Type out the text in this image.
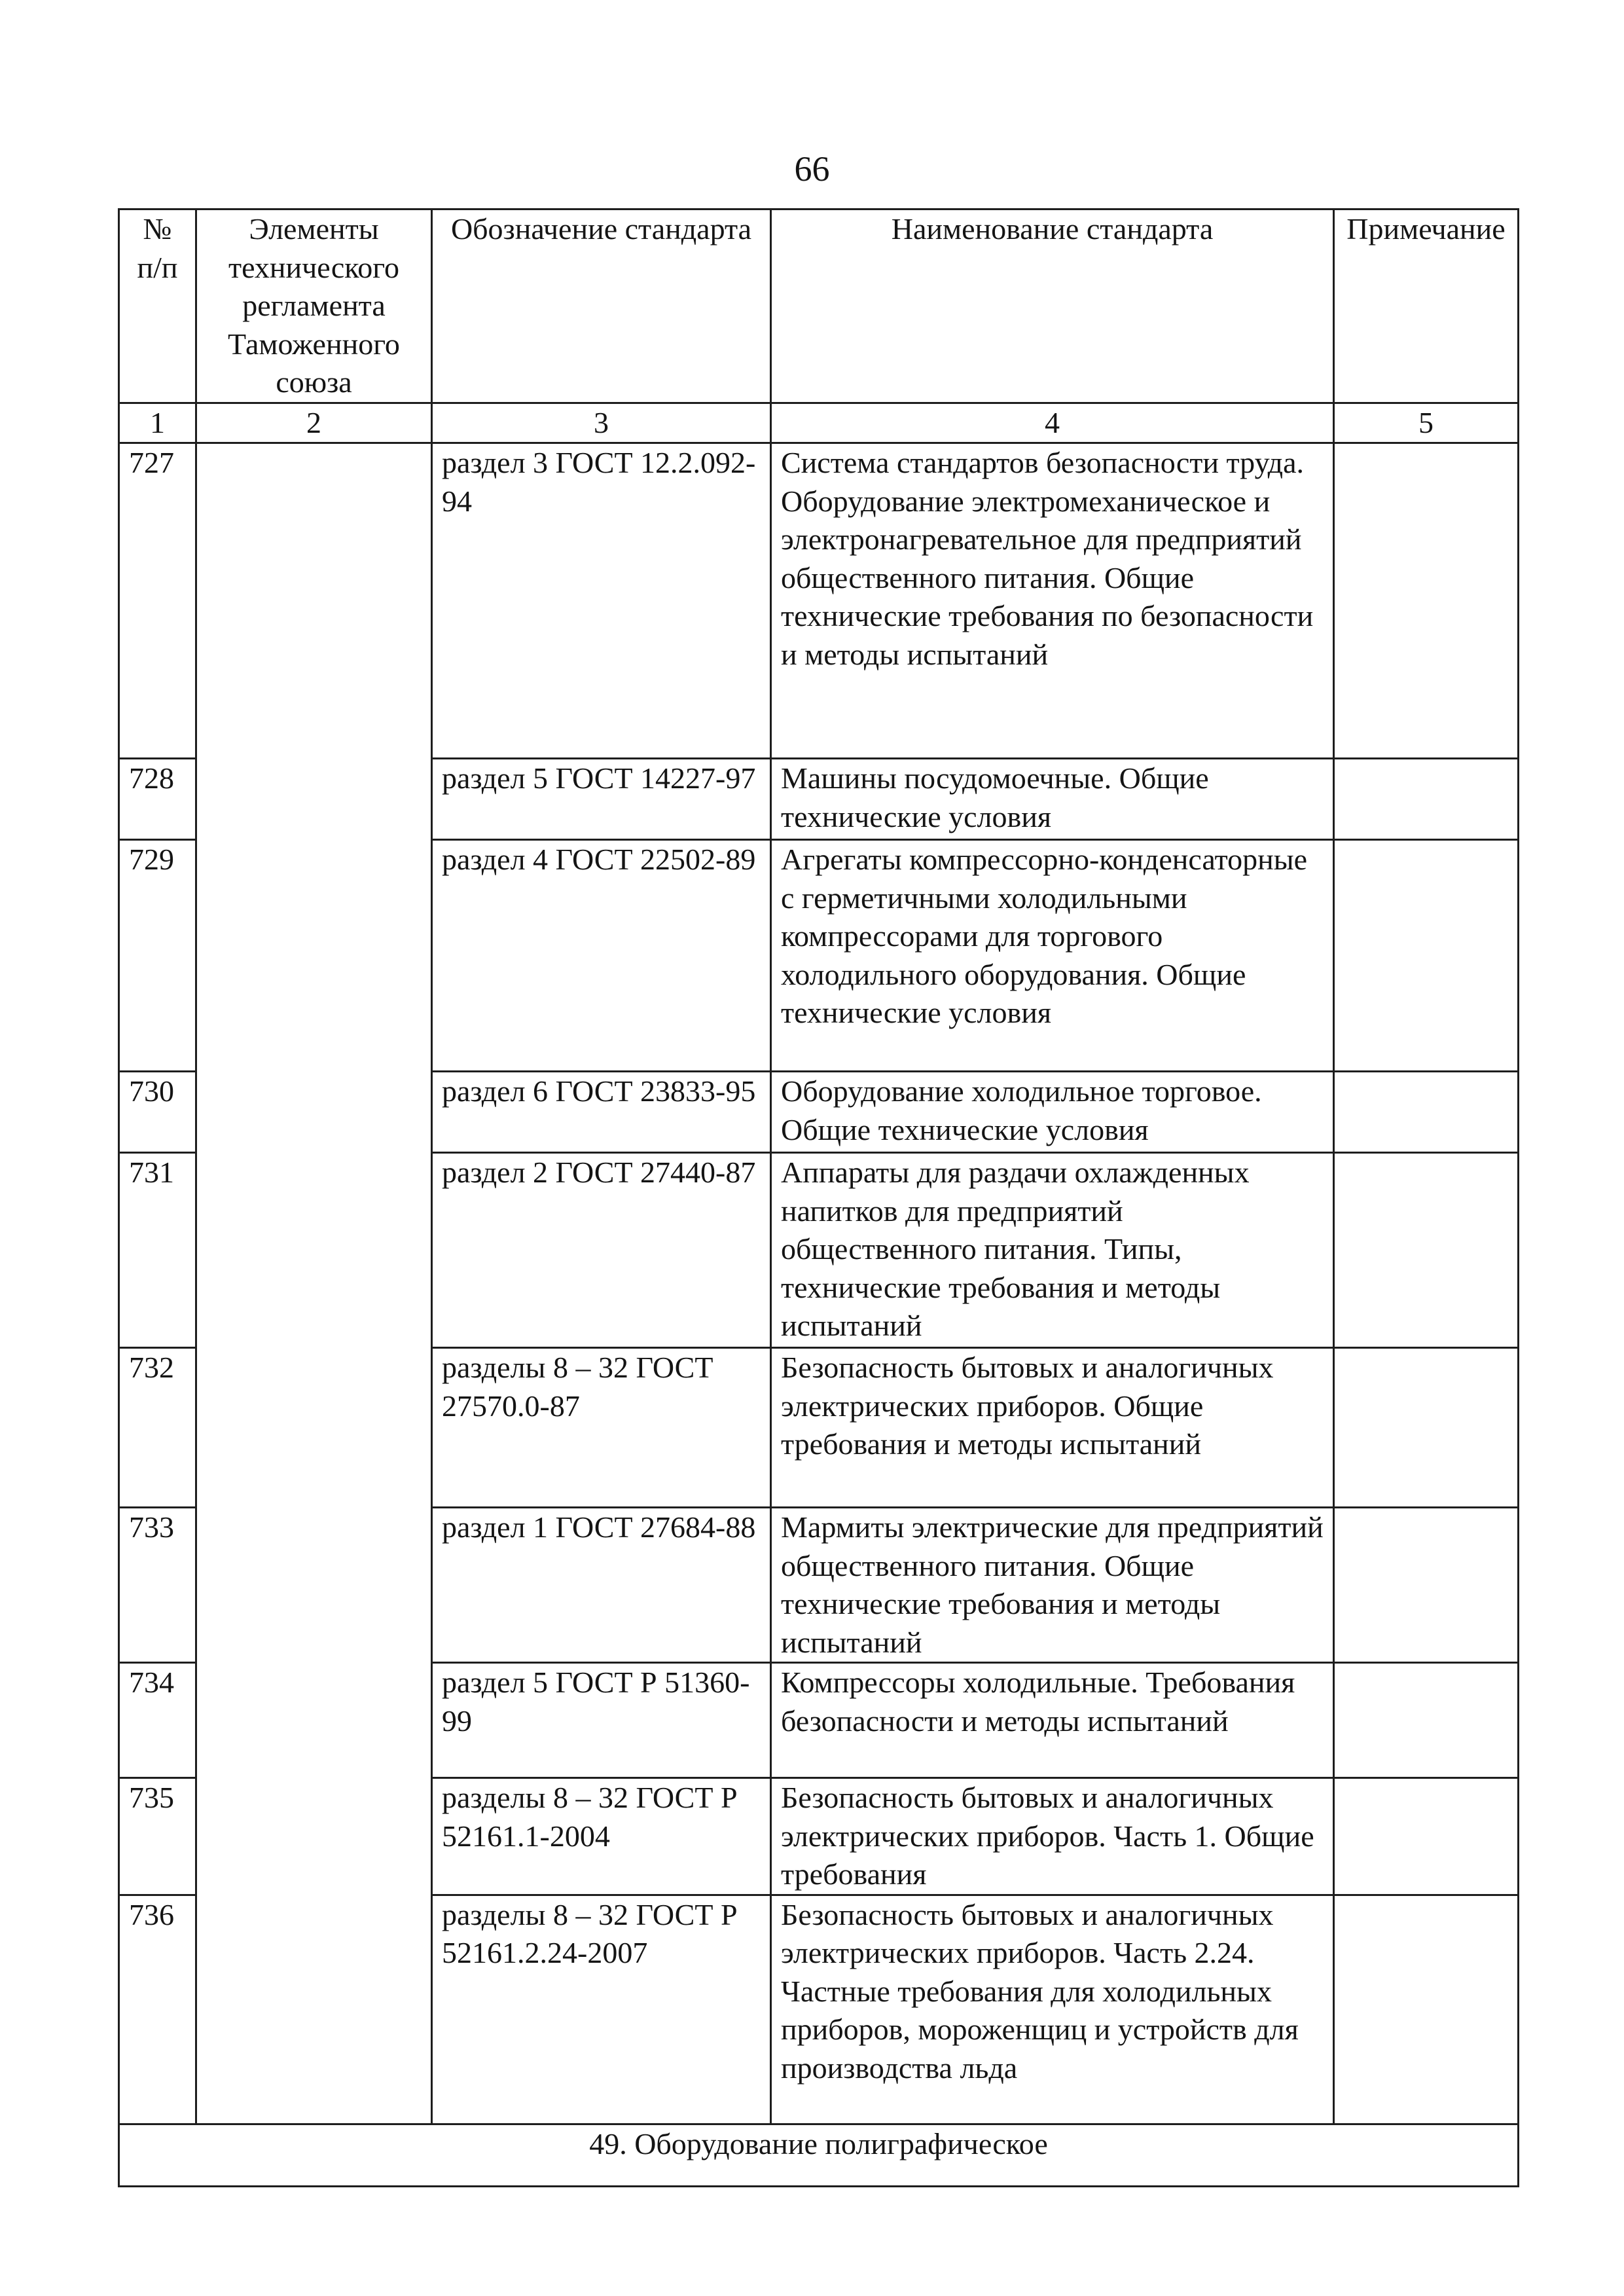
66
№ п/п	Элементы технического регламента Таможенного союза	Обозначение стандарта	Наименование стандарта	Примечание
1	2	3	4	5
727		раздел 3 ГОСТ 12.2.092-94	Система стандартов безопасности труда. Оборудование электромеханическое и электронагревательное для предприятий общественного питания. Общие технические требования по безопасности и методы испытаний	
728		раздел 5 ГОСТ 14227-97	Машины посудомоечные. Общие технические условия	
729		раздел 4 ГОСТ 22502-89	Агрегаты компрессорно-конденсаторные с герметичными холодильными компрессорами для торгового холодильного оборудования. Общие технические условия	
730		раздел 6 ГОСТ 23833-95	Оборудование холодильное торговое. Общие технические условия	
731		раздел 2 ГОСТ 27440-87	Аппараты для раздачи охлажденных напитков для предприятий общественного питания. Типы, технические требования и методы испытаний	
732		разделы 8 – 32 ГОСТ 27570.0-87	Безопасность бытовых и аналогичных электрических приборов. Общие требования и методы испытаний	
733		раздел 1 ГОСТ 27684-88	Мармиты электрические для предприятий общественного питания. Общие технические требования и методы испытаний	
734		раздел 5 ГОСТ Р 51360-99	Компрессоры холодильные. Требования безопасности и методы испытаний	
735		разделы 8 – 32 ГОСТ Р 52161.1-2004	Безопасность бытовых и аналогичных электрических приборов. Часть 1. Общие требования	
736		разделы 8 – 32 ГОСТ Р 52161.2.24-2007	Безопасность бытовых и аналогичных электрических приборов. Часть 2.24. Частные требования для холодильных приборов, мороженщиц и устройств для производства льда	
49. Оборудование полиграфическое				
